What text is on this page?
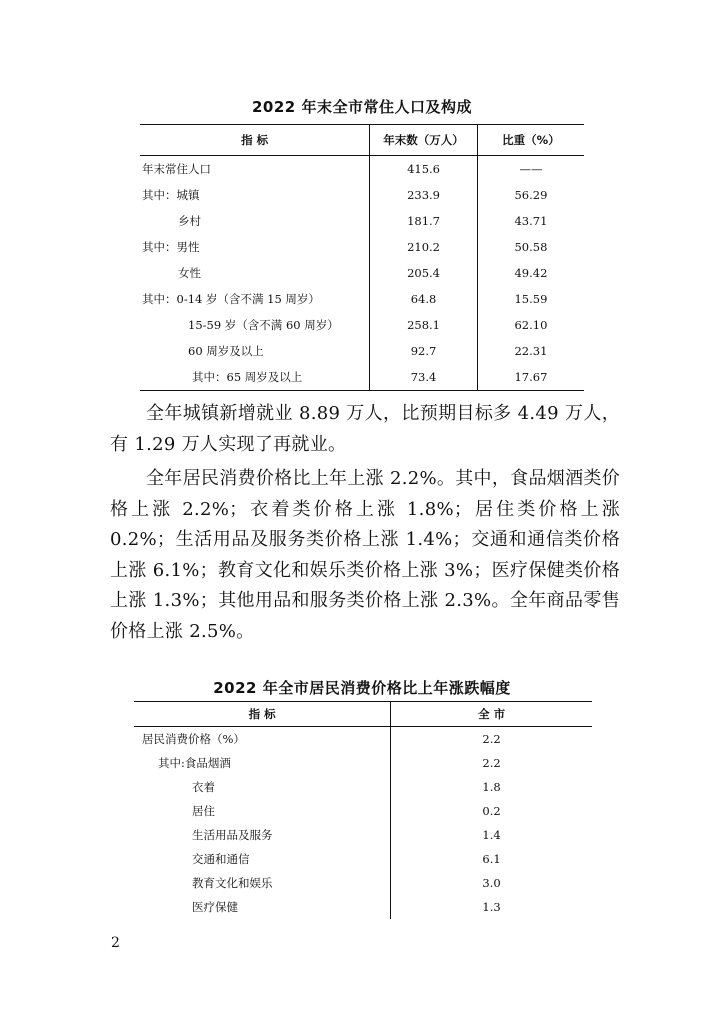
2022 年末全市常住人口及构成
指 标	年末数（万人）	比重（%）
年末常住人口	415.6	——
其中：城镇	233.9	56.29
乡村	181.7	43.71
其中：男性	210.2	50.58
女性	205.4	49.42
其中：0-14 岁（含不满 15 周岁）	64.8	15.59
15-59 岁（含不满 60 周岁）	258.1	62.10
60 周岁及以上	92.7	22.31
其中：65 周岁及以上	73.4	17.67
全年城镇新增就业 8.89 万人，比预期目标多 4.49 万人，有 1.29 万人实现了再就业。
全年居民消费价格比上年上涨 2.2%。其中，食品烟酒类价格上涨 2.2%；衣着类价格上涨 1.8%；居住类价格上涨 0.2%；生活用品及服务类价格上涨 1.4%；交通和通信类价格上涨 6.1%；教育文化和娱乐类价格上涨 3%；医疗保健类价格上涨 1.3%；其他用品和服务类价格上涨 2.3%。全年商品零售价格上涨 2.5%。
2022 年全市居民消费价格比上年涨跌幅度
指 标	全 市
居民消费价格（%）	2.2
其中:食品烟酒	2.2
衣着	1.8
居住	0.2
生活用品及服务	1.4
交通和通信	6.1
教育文化和娱乐	3.0
医疗保健	1.3
2
